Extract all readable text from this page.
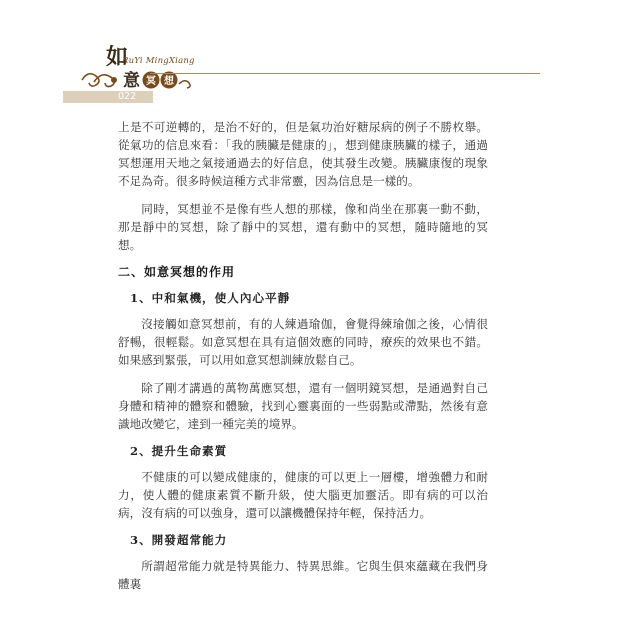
如
意 冥 想
RuYi MingXiang
022

上是不可逆轉的，是治不好的，但是氣功治好糖尿病的例子不勝枚舉。從氣功的信息來看：「我的胰臟是健康的」，想到健康胰臟的樣子，通過冥想運用天地之氣接通過去的好信息，使其發生改變。胰臟康復的現象不足為奇。很多時候這種方式非常靈，因為信息是一樣的。

同時，冥想並不是像有些人想的那樣，像和尚坐在那裏一動不動，那是靜中的冥想，除了靜中的冥想，還有動中的冥想，隨時隨地的冥想。

二、如意冥想的作用
1、中和氣機，使人內心平靜

沒接觸如意冥想前，有的人練過瑜伽，會覺得練瑜伽之後，心情很舒暢，很輕鬆。如意冥想在具有這個效應的同時，療疾的效果也不錯。如果感到緊張，可以用如意冥想訓練放鬆自己。

除了剛才講過的萬物萬應冥想，還有一個明鏡冥想，是通過對自己身體和精神的體察和體驗，找到心靈裏面的一些弱點或滯點，然後有意識地改變它，達到一種完美的境界。

2、提升生命素質

不健康的可以變成健康的，健康的可以更上一層樓，增強體力和耐力，使人體的健康素質不斷升級，使大腦更加靈活。即有病的可以治病，沒有病的可以強身，還可以讓機體保持年輕，保持活力。

3、開發超常能力

所謂超常能力就是特異能力、特異思維。它與生俱來蘊藏在我們身體裏
